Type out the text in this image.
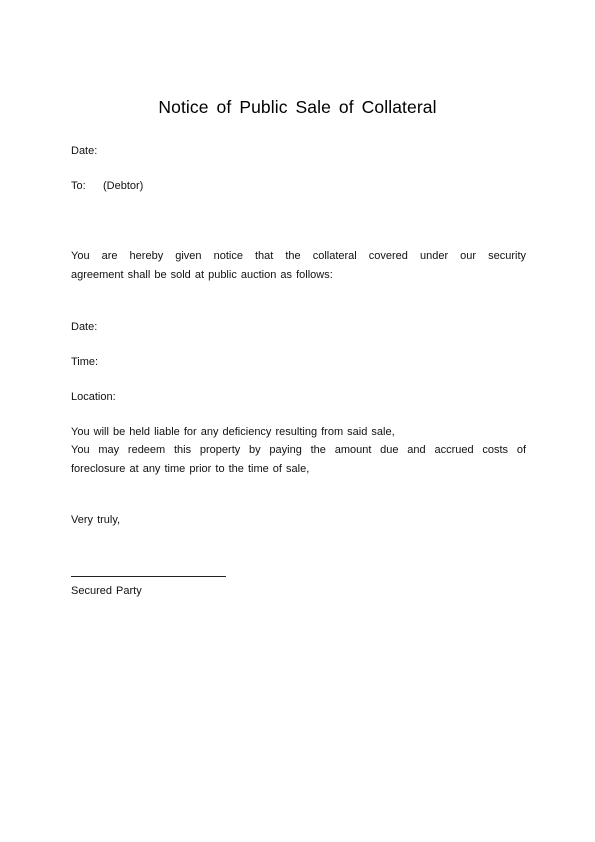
Notice of Public Sale of Collateral
Date:
To: (Debtor)
You are hereby given notice that the collateral covered under our security
agreement shall be sold at public auction as follows:
Date:
Time:
Location:
You will be held liable for any deficiency resulting from said sale,
You may redeem this property by paying the amount due and accrued costs of
foreclosure at any time prior to the time of sale,
Very truly,
Secured Party
